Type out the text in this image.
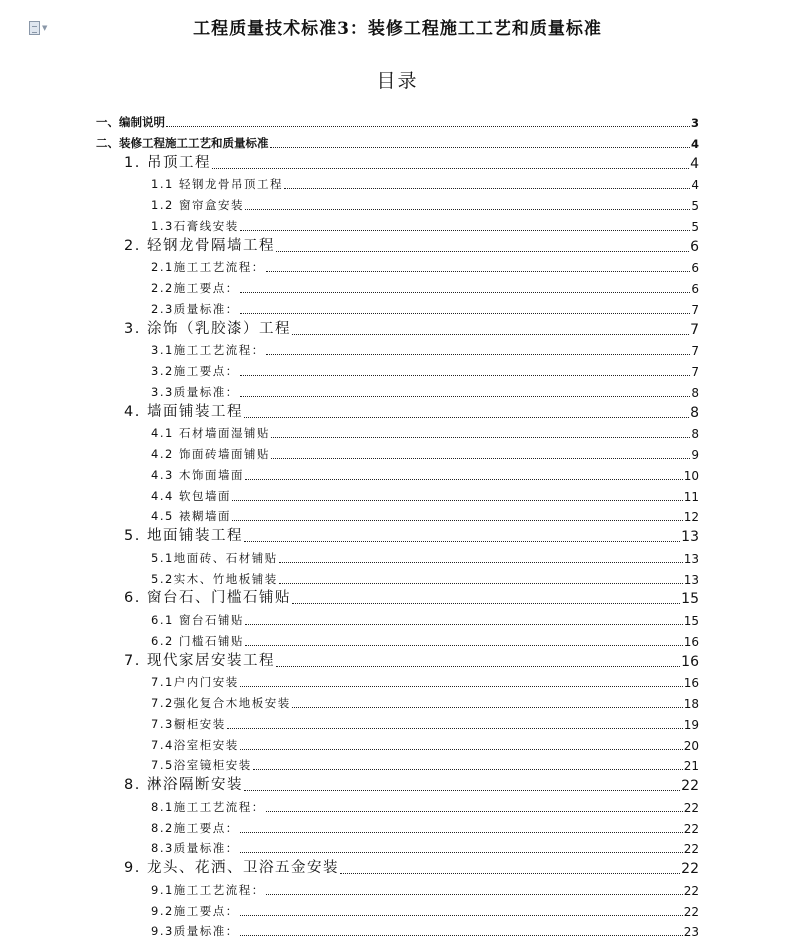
▼	工程质量技术标准3：装修工程施工工艺和质量标准
目录
一、编制说明	3
二、装修工程施工工艺和质量标准	4
1. 吊顶工程	4
1.1 轻钢龙骨吊顶工程	4
1.2 窗帘盒安装	5
1.3石膏线安装	5
2. 轻钢龙骨隔墙工程	6
2.1施工工艺流程：	6
2.2施工要点：	6
2.3质量标准：	7
3. 涂饰（乳胶漆）工程	7
3.1施工工艺流程：	7
3.2施工要点：	7
3.3质量标准：	8
4. 墙面铺装工程	8
4.1 石材墙面湿铺贴	8
4.2 饰面砖墙面铺贴	9
4.3 木饰面墙面	10
4.4 软包墙面	11
4.5 裱糊墙面	12
5. 地面铺装工程	13
5.1地面砖、石材铺贴	13
5.2实木、竹地板铺装	13
6. 窗台石、门槛石铺贴	15
6.1 窗台石铺贴	15
6.2 门槛石铺贴	16
7. 现代家居安装工程	16
7.1户内门安装	16
7.2强化复合木地板安装	18
7.3橱柜安装	19
7.4浴室柜安装	20
7.5浴室镜柜安装	21
8. 淋浴隔断安装	22
8.1施工工艺流程：	22
8.2施工要点：	22
8.3质量标准：	22
9. 龙头、花洒、卫浴五金安装	22
9.1施工工艺流程：	22
9.2施工要点：	22
9.3质量标准：	23
